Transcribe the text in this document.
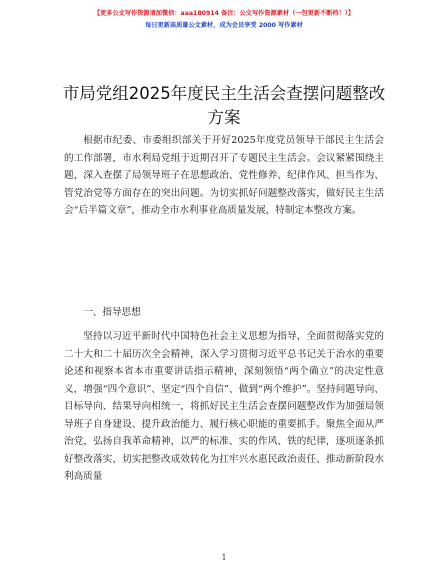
【更多公文写作资源请加微信：aaa180914 备注：公文写作资源素材（一包更新不断档！）】
每日更新高质量公文素材，成为会员享受 2000 写作素材
市局党组2025年度民主生活会查摆问题整改方案

根据市纪委、市委组织部关于开好2025年度党员领导干部民主生活会的工作部署，市水利局党组于近期召开了专题民主生活会。会议紧紧围绕主题，深入查摆了局领导班子在思想政治、党性修养、纪律作风、担当作为、管党治党等方面存在的突出问题。为切实抓好问题整改落实，做好民主生活会“后半篇文章”，推动全市水利事业高质量发展，特制定本整改方案。

一、指导思想

坚持以习近平新时代中国特色社会主义思想为指导，全面贯彻落实党的二十大和二十届历次全会精神，深入学习贯彻习近平总书记关于治水的重要论述和视察本省本市重要讲话指示精神，深刻领悟“两个确立”的决定性意义，增强“四个意识”、坚定“四个自信”、做到“两个维护”。坚持问题导向、目标导向、结果导向相统一，将抓好民主生活会查摆问题整改作为加强局领导班子自身建设、提升政治能力、履行核心职能的重要抓手。聚焦全面从严治党，弘扬自我革命精神，以严的标准、实的作风、铁的纪律，逐项逐条抓好整改落实，切实把整改成效转化为扛牢兴水惠民政治责任、推动新阶段水利高质量

1
